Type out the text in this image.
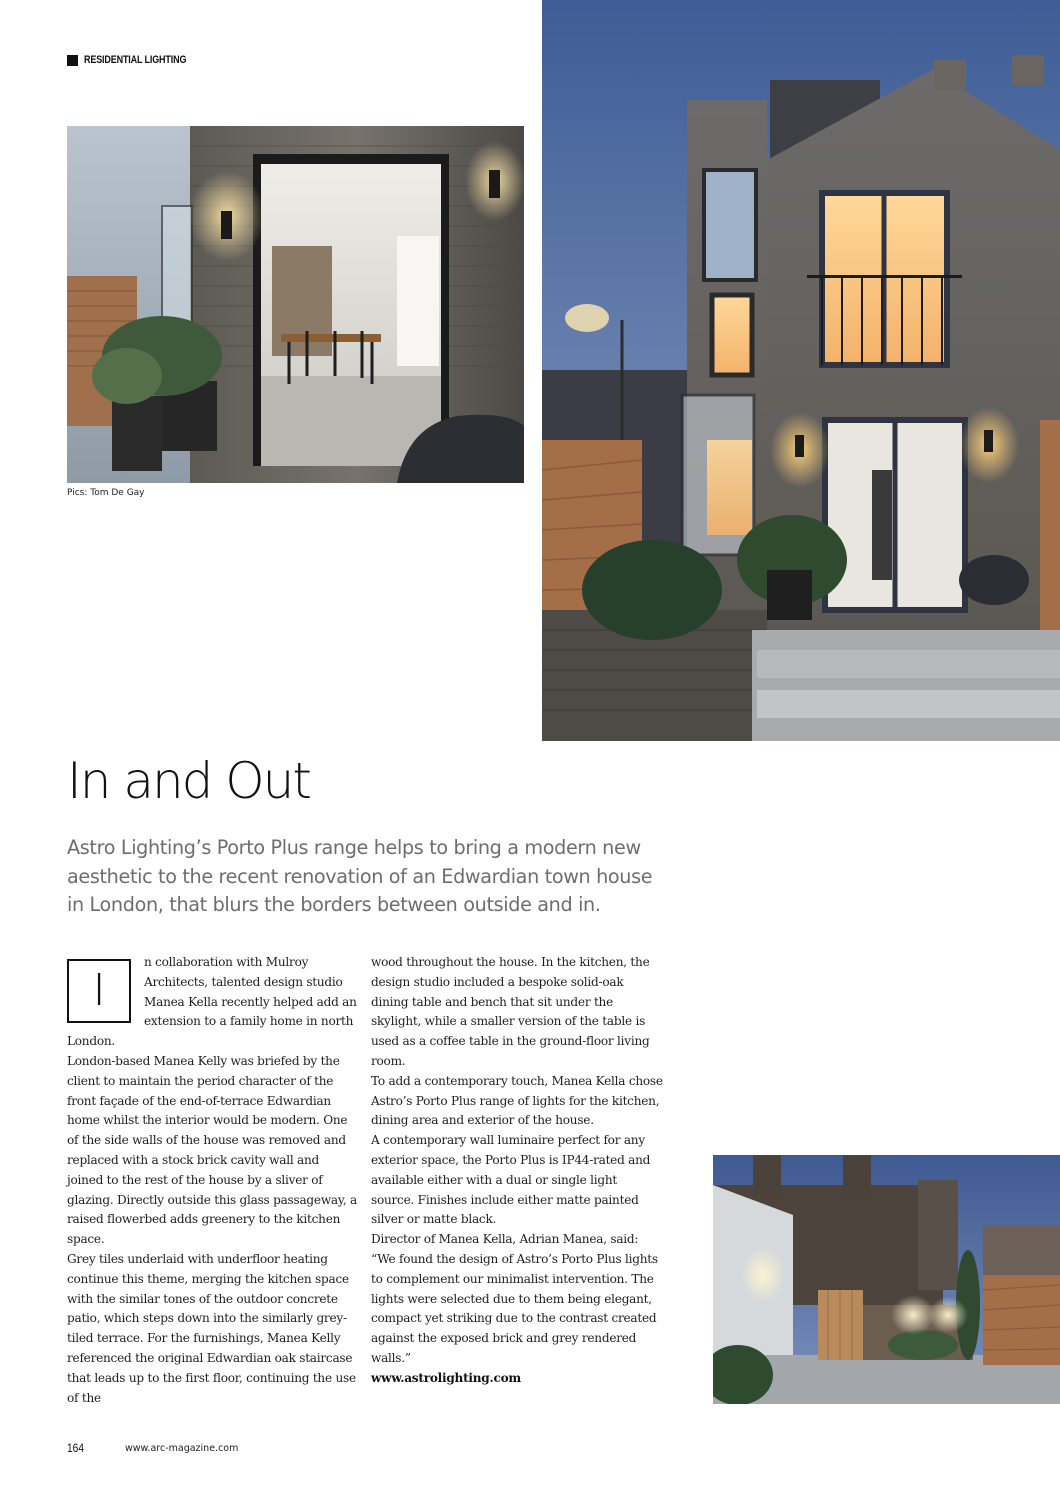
RESIDENTIAL LIGHTING
Pics: Tom De Gay
In and Out

Astro Lighting’s Porto Plus range helps to bring a modern new aesthetic to the recent renovation of an Edwardian town house in London, that blurs the borders between outside and in.

I

n collaboration with Mulroy Architects, talented design studio Manea Kella recently helped add an extension to a family home in north London.

London-based Manea Kelly was briefed by the client to maintain the period character of the front façade of the end-of-terrace Edwardian home whilst the interior would be modern. One of the side walls of the house was removed and replaced with a stock brick cavity wall and joined to the rest of the house by a sliver of glazing. Directly outside this glass passageway, a raised flowerbed adds greenery to the kitchen space.

Grey tiles underlaid with underfloor heating continue this theme, merging the kitchen space with the similar tones of the outdoor concrete patio, which steps down into the similarly grey-tiled terrace. For the furnishings, Manea Kelly referenced the original Edwardian oak staircase that leads up to the first floor, continuing the use of the

wood throughout the house. In the kitchen, the design studio included a bespoke solid-oak dining table and bench that sit under the skylight, while a smaller version of the table is used as a coffee table in the ground-floor living room.

To add a contemporary touch, Manea Kella chose Astro’s Porto Plus range of lights for the kitchen, dining area and exterior of the house.

A contemporary wall luminaire perfect for any exterior space, the Porto Plus is IP44-rated and available either with a dual or single light source. Finishes include either matte painted silver or matte black.

Director of Manea Kella, Adrian Manea, said: “We found the design of Astro’s Porto Plus lights to complement our minimalist intervention. The lights were selected due to them being elegant, compact yet striking due to the contrast created against the exposed brick and grey rendered walls.”

www.astrolighting.com

164	www.arc-magazine.com
